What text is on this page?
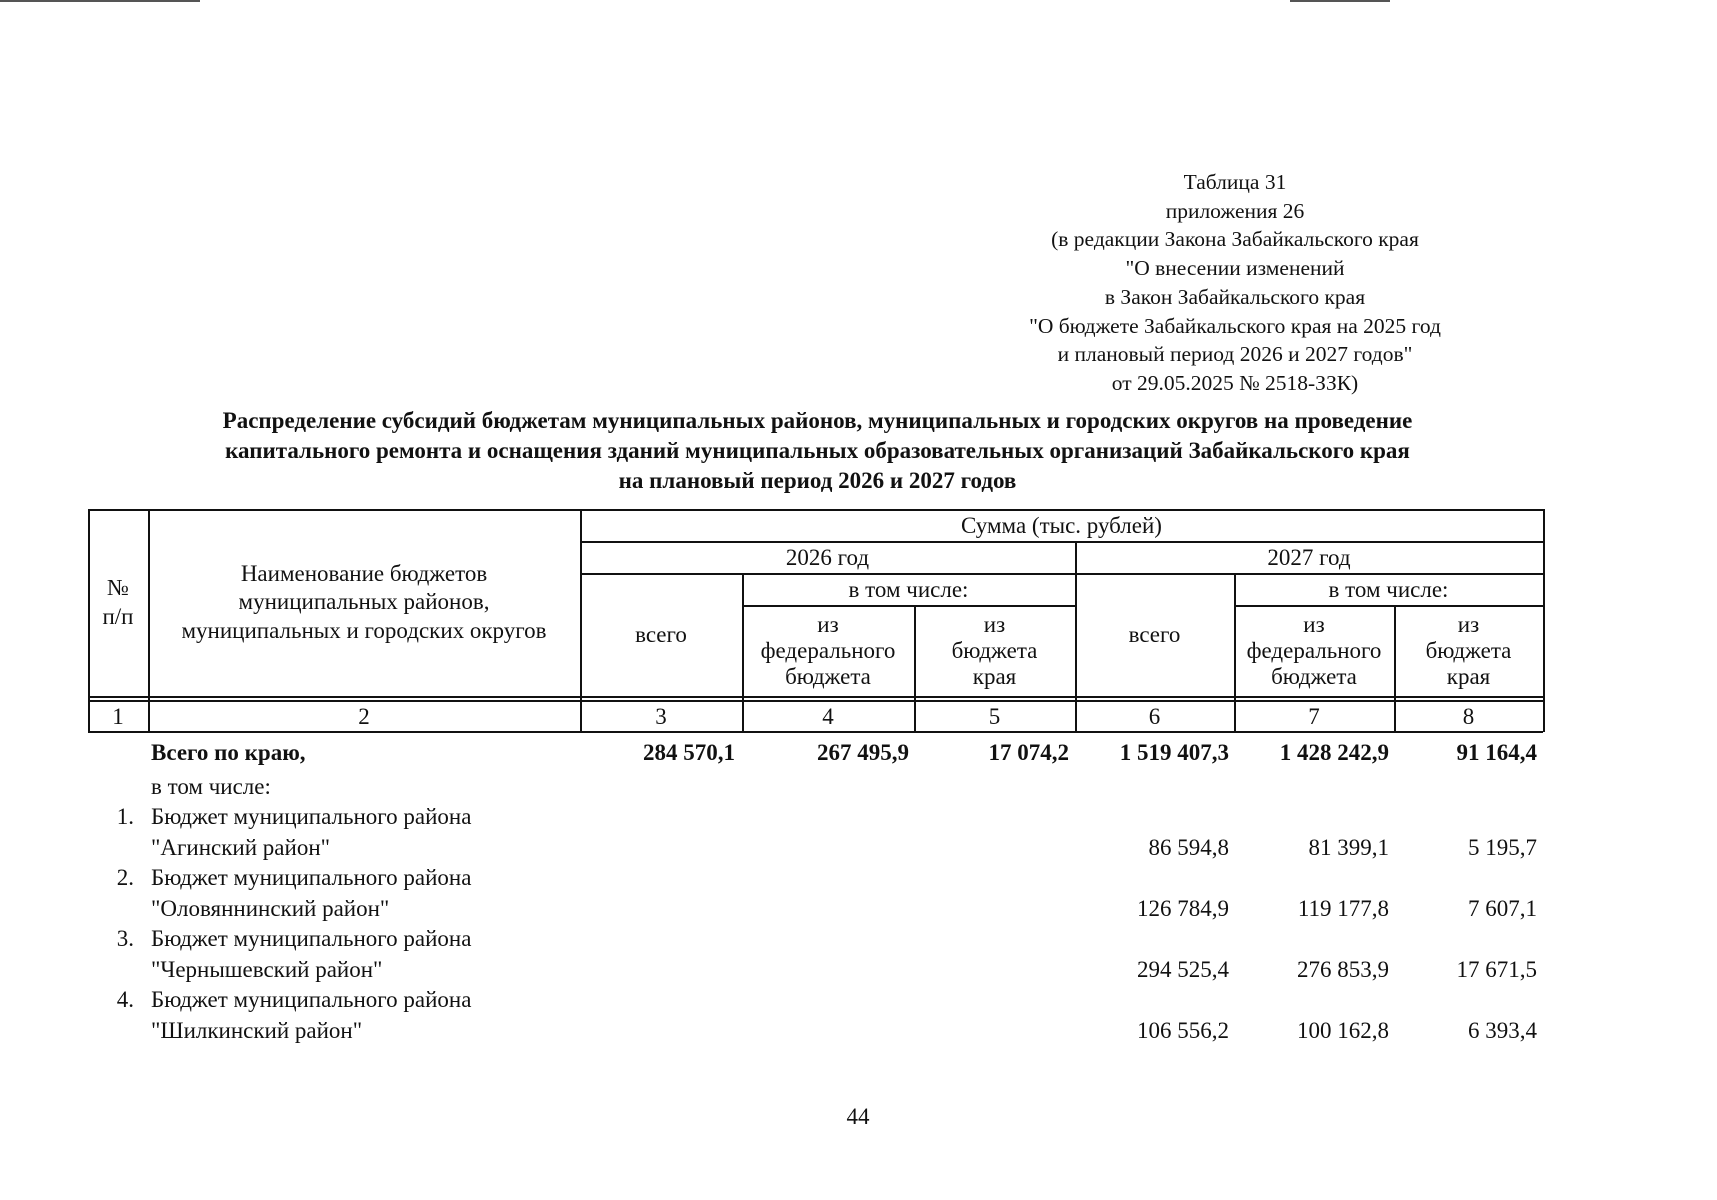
Таблица 31
приложения 26
(в редакции Закона Забайкальского края
"О внесении изменений
в Закон Забайкальского края
"О бюджете Забайкальского края на 2025 год
и плановый период 2026 и 2027 годов"
от 29.05.2025 № 2518-ЗЗК)
Распределение субсидий бюджетам муниципальных районов, муниципальных и городских округов на проведение
капитального ремонта и оснащения зданий муниципальных образовательных организаций Забайкальского края
на плановый период 2026 и 2027 годов
№
п/п
Наименование бюджетов
муниципальных районов,
муниципальных и городских округов
Сумма (тыс. рублей)
2026 год	2027 год
всего
в том числе:
из
федерального
бюджета
из
бюджета
края
всего
в том числе:
из
федерального
бюджета
из
бюджета
края
1	2	3	4	5	6	7	8
Всего по краю,	284 570,1	267 495,9	17 074,2	1 519 407,3	1 428 242,9	91 164,4
в том числе:
1. Бюджет муниципального района
"Агинский район"	86 594,8	81 399,1	5 195,7
2. Бюджет муниципального района
"Оловяннинский район"	126 784,9	119 177,8	7 607,1
3. Бюджет муниципального района
"Чернышевский район"	294 525,4	276 853,9	17 671,5
4. Бюджет муниципального района
"Шилкинский район"	106 556,2	100 162,8	6 393,4
44
